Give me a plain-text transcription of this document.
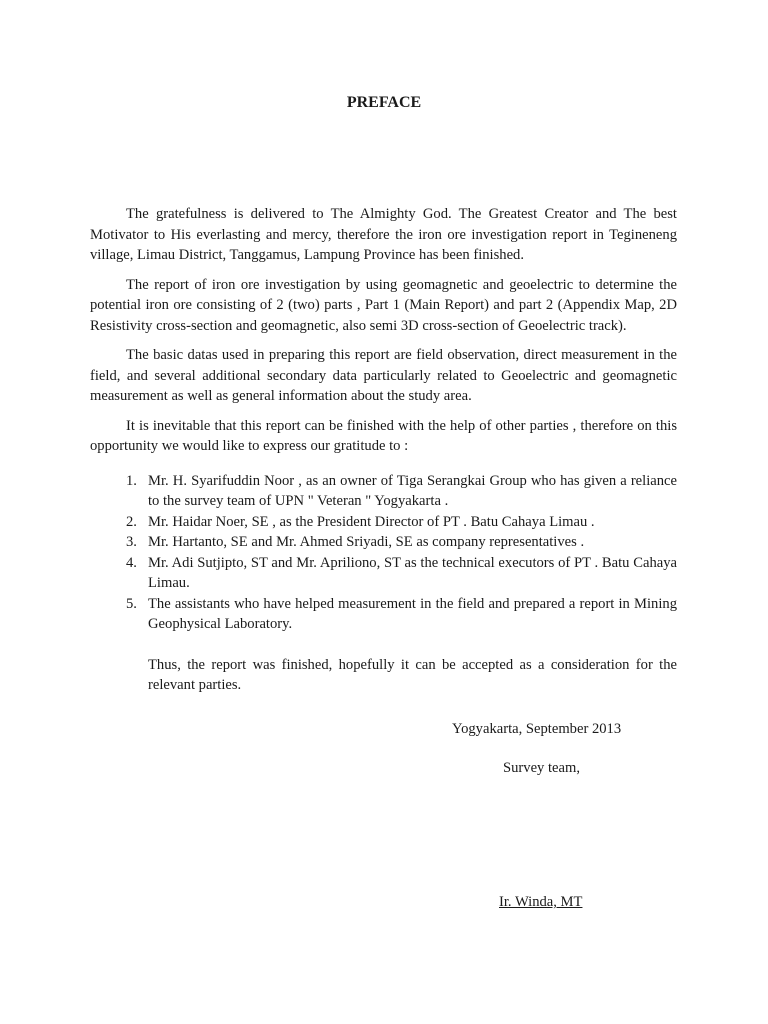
PREFACE

The gratefulness is delivered to The Almighty God. The Greatest Creator and The best Motivator to His everlasting and mercy, therefore the iron ore investigation report in Tegineneng village, Limau District, Tanggamus, Lampung Province has been finished.

The report of iron ore investigation by using geomagnetic and geoelectric to determine the potential iron ore consisting of 2 (two) parts , Part 1 (Main Report) and part 2 (Appendix Map, 2D Resistivity cross-section and geomagnetic, also semi 3D cross-section of Geoelectric track).

The basic datas used in preparing this report are field observation, direct measurement in the field, and several additional secondary data particularly related to Geoelectric and geomagnetic measurement as well as general information about the study area.

It is inevitable that this report can be finished with the help of other parties , therefore on this opportunity we would like to express our gratitude to :

1. Mr. H. Syarifuddin Noor , as an owner of Tiga Serangkai Group who has given a reliance to the survey team of UPN " Veteran " Yogyakarta .
2. Mr. Haidar Noer, SE , as the President Director of PT . Batu Cahaya Limau .
3. Mr. Hartanto, SE and Mr. Ahmed Sriyadi, SE as company representatives .
4. Mr. Adi Sutjipto, ST and Mr. Apriliono, ST as the technical executors of PT . Batu Cahaya Limau.
5. The assistants who have helped measurement in the field and prepared a report in Mining Geophysical Laboratory.

Thus, the report was finished, hopefully it can be accepted as a consideration for the relevant parties.

Yogyakarta, September 2013
Survey team,
Ir. Winda, MT
